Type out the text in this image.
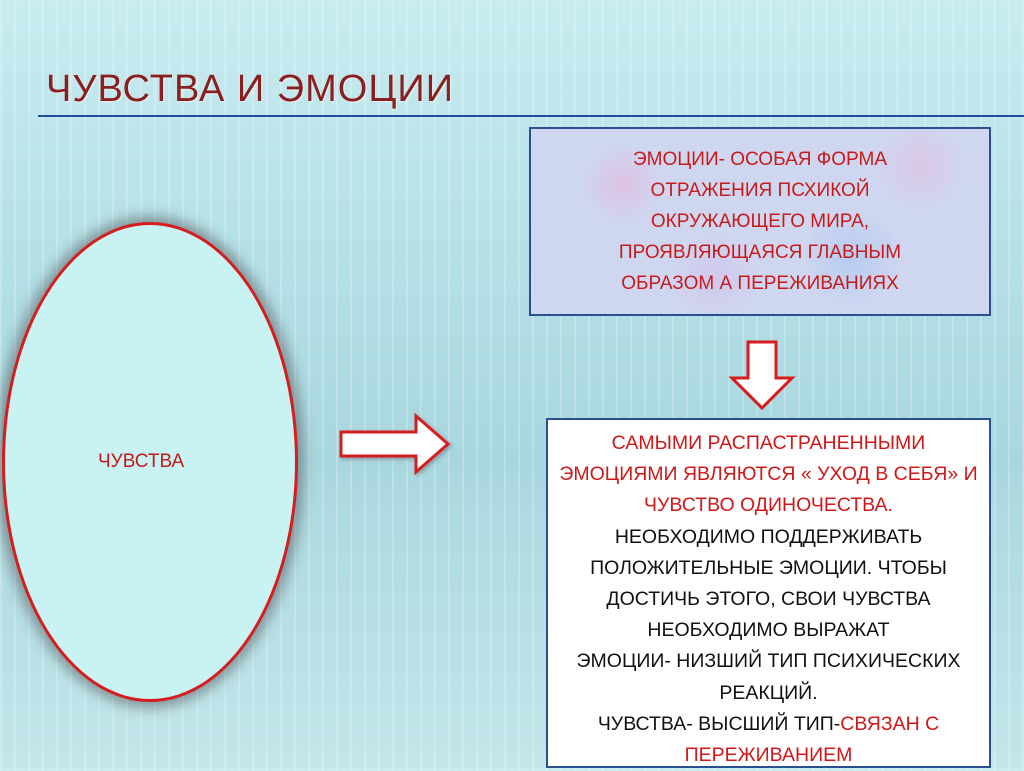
ЧУВСТВА И ЭМОЦИИ
ЧУВСТВА
ЭМОЦИИ- ОСОБАЯ ФОРМА ОТРАЖЕНИЯ ПСХИКОЙ ОКРУЖАЮЩЕГО МИРА, ПРОЯВЛЯЮЩАЯСЯ ГЛАВНЫМ ОБРАЗОМ А ПЕРЕЖИВАНИЯХ
САМЫМИ РАСПАСТРАНЕННЫМИ ЭМОЦИЯМИ ЯВЛЯЮТСЯ « УХОД В СЕБЯ» И ЧУВСТВО ОДИНОЧЕСТВА.
НЕОБХОДИМО ПОДДЕРЖИВАТЬ ПОЛОЖИТЕЛЬНЫЕ ЭМОЦИИ. ЧТОБЫ ДОСТИЧЬ ЭТОГО, СВОИ ЧУВСТВА НЕОБХОДИМО ВЫРАЖАТ
ЭМОЦИИ- НИЗШИЙ ТИП ПСИХИЧЕСКИХ РЕАКЦИЙ.
ЧУВСТВА- ВЫСШИЙ ТИП-СВЯЗАН С ПЕРЕЖИВАНИЕМ
